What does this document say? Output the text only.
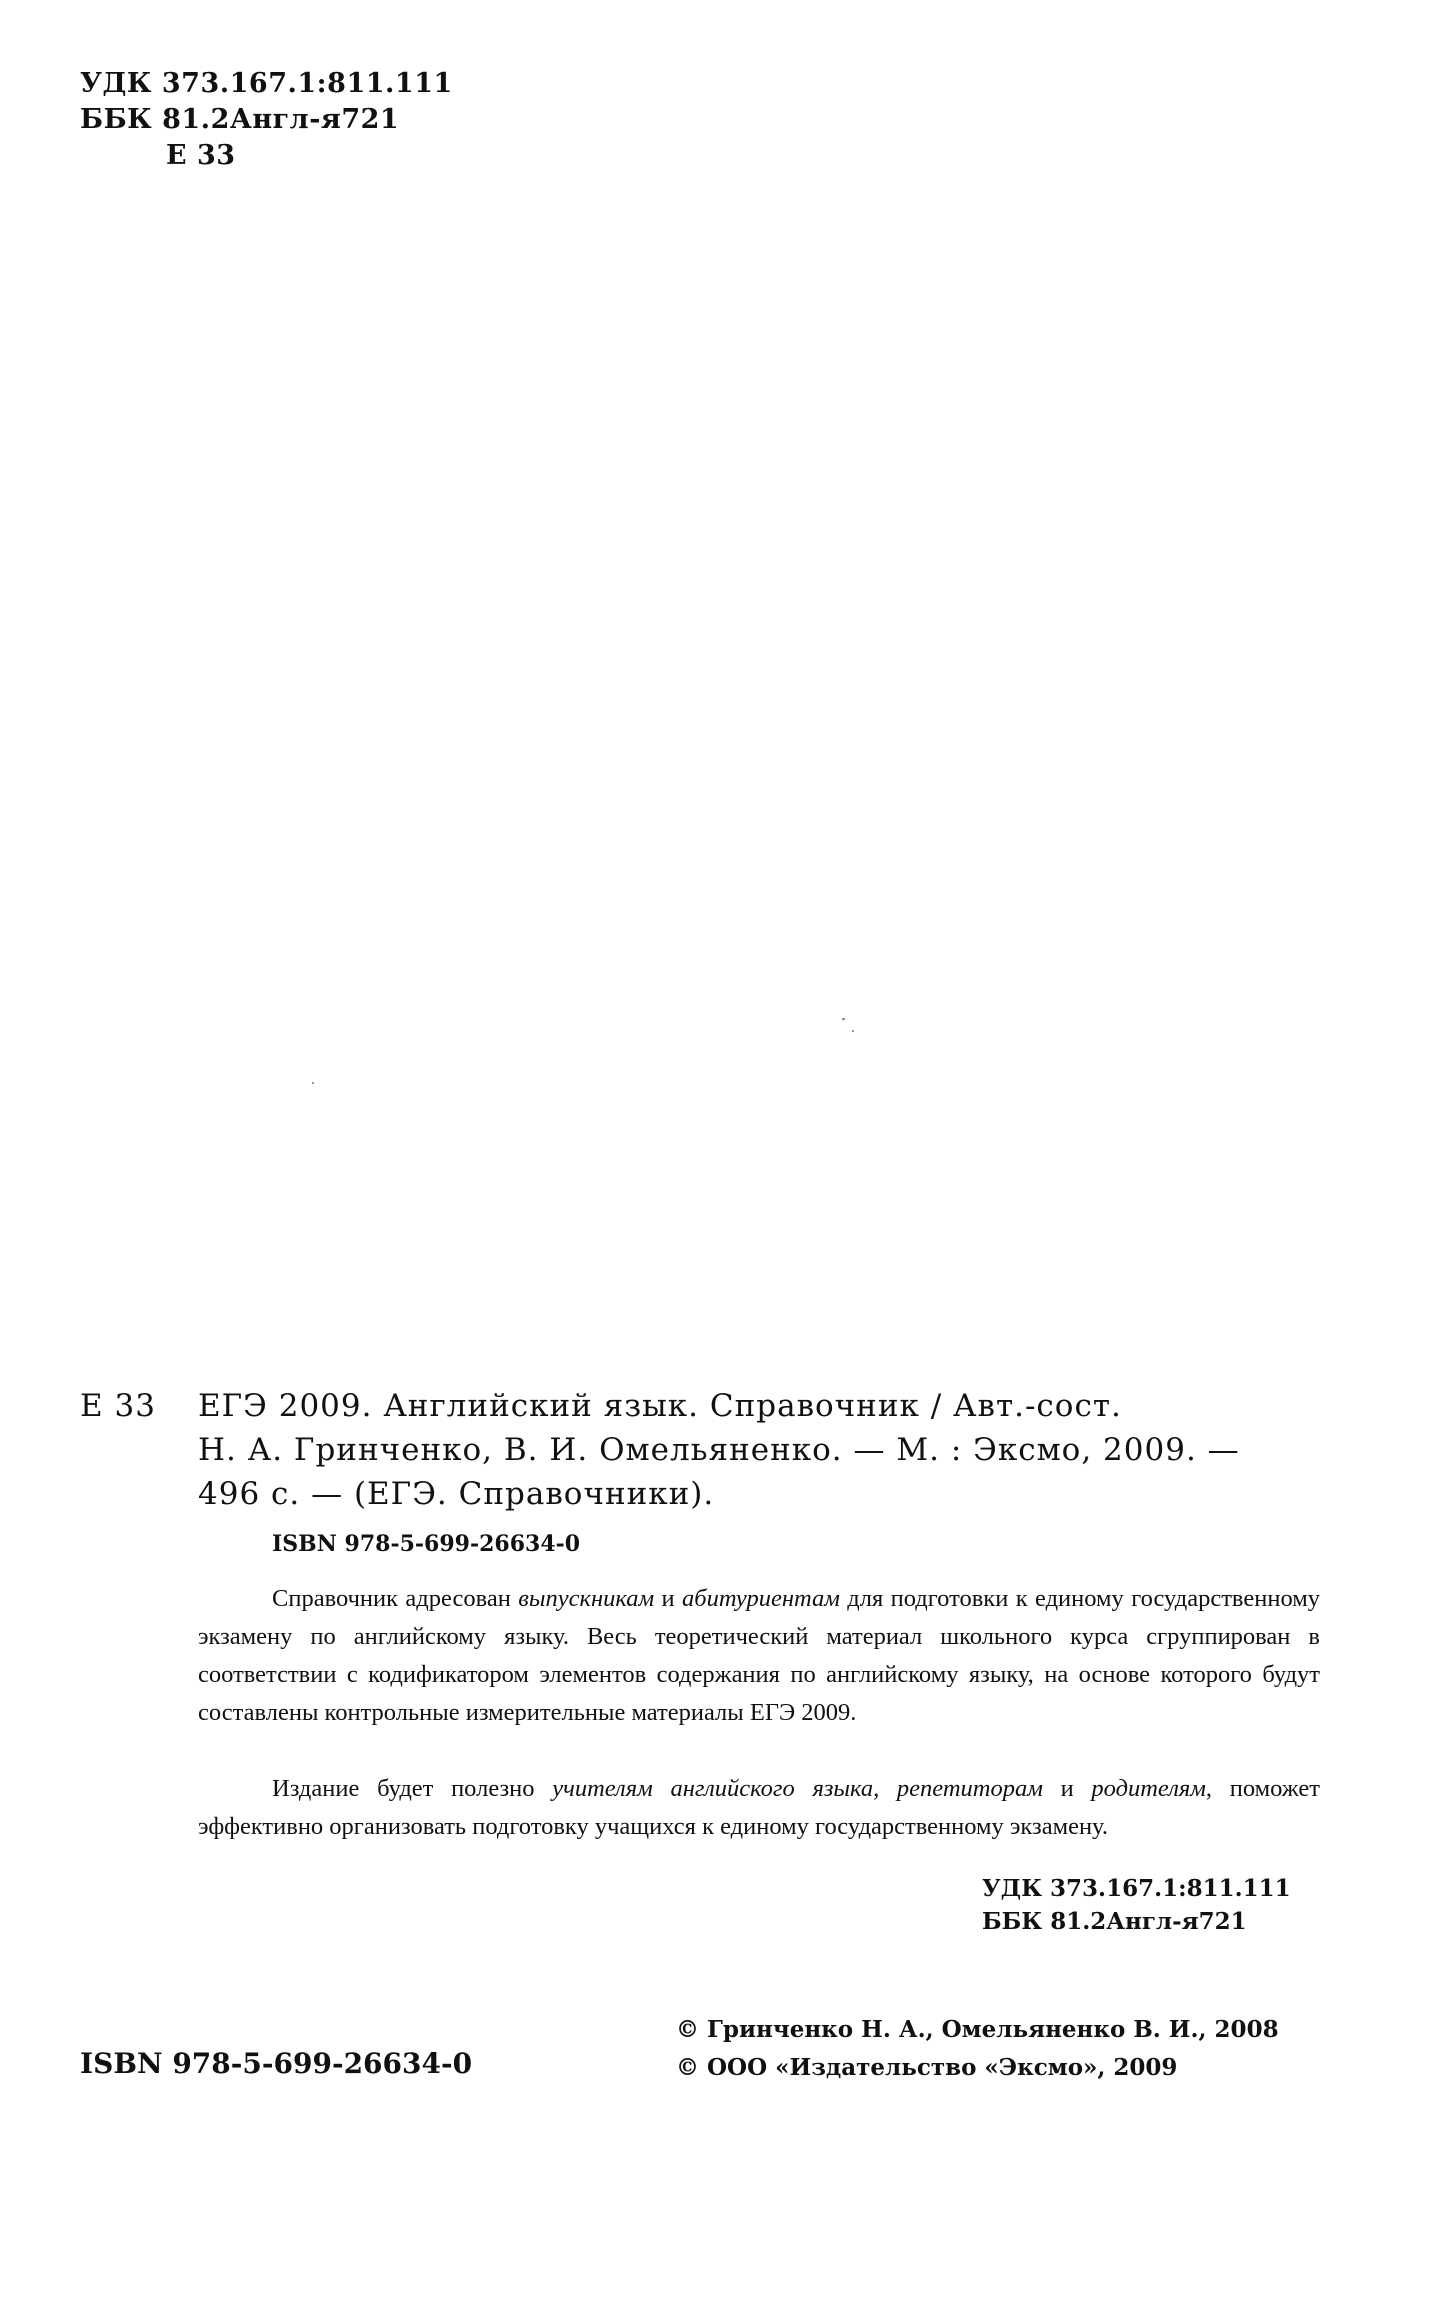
УДК 373.167.1:811.111
ББК 81.2Англ-я721
Е 33
Е 33 ЕГЭ 2009. Английский язык. Справочник / Авт.-сост.
Н. А. Гринченко, В. И. Омельяненко. — М. : Эксмо, 2009. —
496 с. — (ЕГЭ. Справочники).
ISBN 978-5-699-26634-0

Справочник адресован выпускникам и абитуриентам для подготовки к единому государственному экзамену по английскому языку. Весь теоретический материал школьного курса сгруппирован в соответствии с кодификатором элементов содержания по английскому языку, на основе которого будут составлены контрольные измерительные материалы ЕГЭ 2009.

Издание будет полезно учителям английского языка, репетиторам и родителям, поможет эффективно организовать подготовку учащихся к единому государственному экзамену.

УДК 373.167.1:811.111
ББК 81.2Англ-я721
© Гринченко Н. А., Омельяненко В. И., 2008
© ООО «Издательство «Эксмо», 2009
ISBN 978-5-699-26634-0
